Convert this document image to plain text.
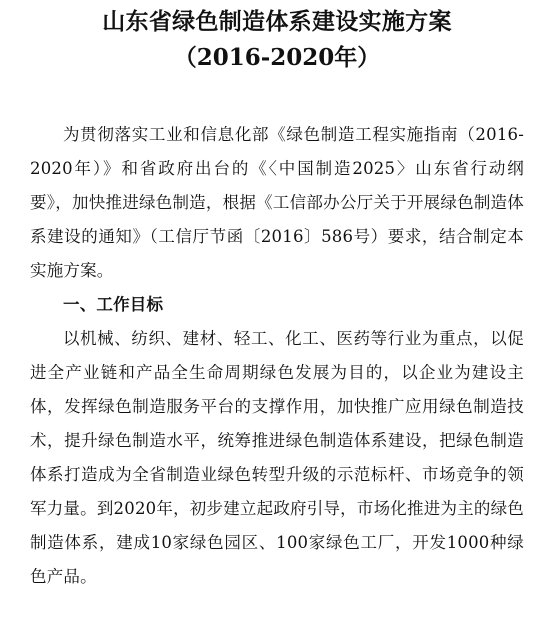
山东省绿色制造体系建设实施方案
（2016-2020年）

为贯彻落实工业和信息化部《绿色制造工程实施指南（2016-2020年）》和省政府出台的《〈中国制造2025〉山东省行动纲要》，加快推进绿色制造，根据《工信部办公厅关于开展绿色制造体系建设的通知》（工信厅节函〔2016〕586号）要求，结合制定本实施方案。

一、工作目标

以机械、纺织、建材、轻工、化工、医药等行业为重点，以促进全产业链和产品全生命周期绿色发展为目的，以企业为建设主体，发挥绿色制造服务平台的支撑作用，加快推广应用绿色制造技术，提升绿色制造水平，统筹推进绿色制造体系建设，把绿色制造体系打造成为全省制造业绿色转型升级的示范标杆、市场竞争的领军力量。到2020年，初步建立起政府引导，市场化推进为主的绿色制造体系，建成10家绿色园区、100家绿色工厂，开发1000种绿色产品。
